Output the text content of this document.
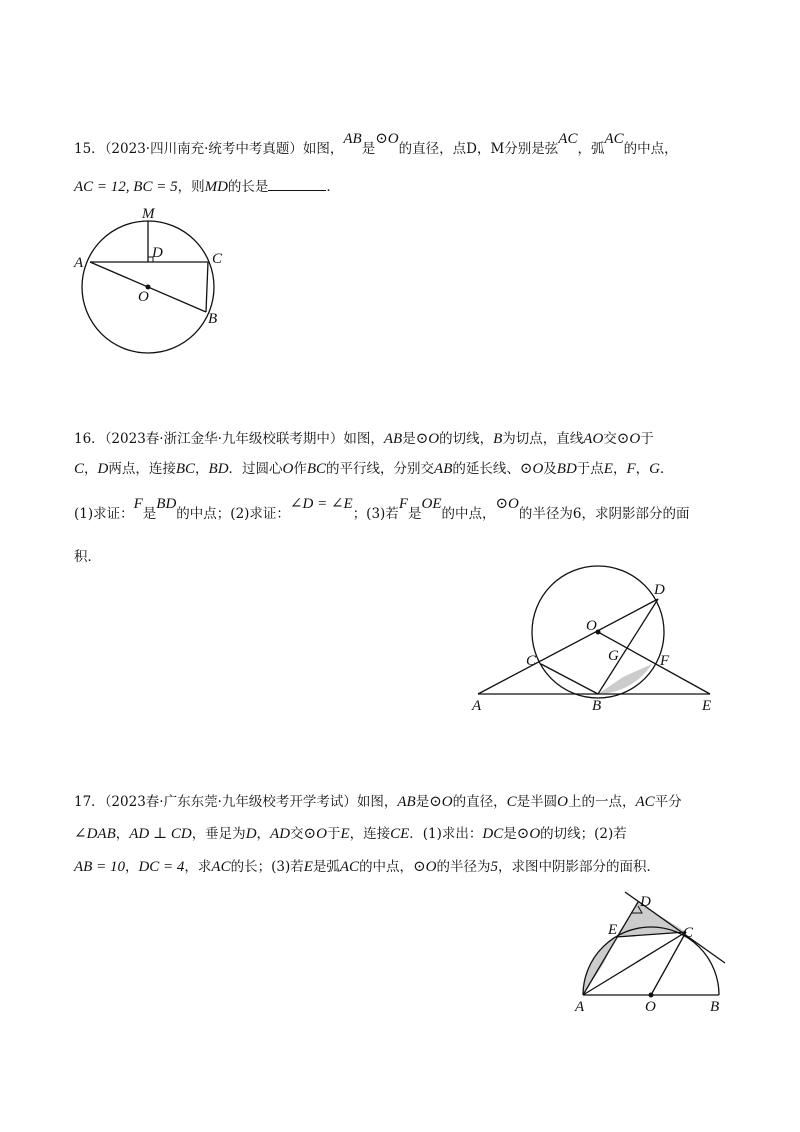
15．（2023·四川南充·统考中考真题）如图，AB是⊙O的直径，点D，M分别是弦AC，弧AC的中点，
AC = 12, BC = 5，则MD的长是	．
M
D
A	C
O
B
16．（2023春·浙江金华·九年级校联考期中）如图，AB是⊙O的切线，B为切点，直线AO交⊙O于
C，D两点，连接BC，BD．过圆心O作BC的平行线，分别交AB的延长线、⊙O及BD于点E，F，G．
(1)求证：F是BD的中点；(2)求证：∠D = ∠E；(3)若F是OE的中点，⊙O的半径为6，求阴影部分的面
积．
D
O
C	G	F
A	B	E
17．（2023春·广东东莞·九年级校考开学考试）如图，AB是⊙O的直径，C是半圆O上的一点，AC平分
∠DAB，AD ⊥ CD，垂足为D，AD交⊙O于E，连接CE．(1)求出：DC是⊙O的切线；(2)若
AB = 10，DC = 4，求AC的长；(3)若E是弧AC的中点，⊙O的半径为5，求图中阴影部分的面积．
D
E	C
A	O	B
